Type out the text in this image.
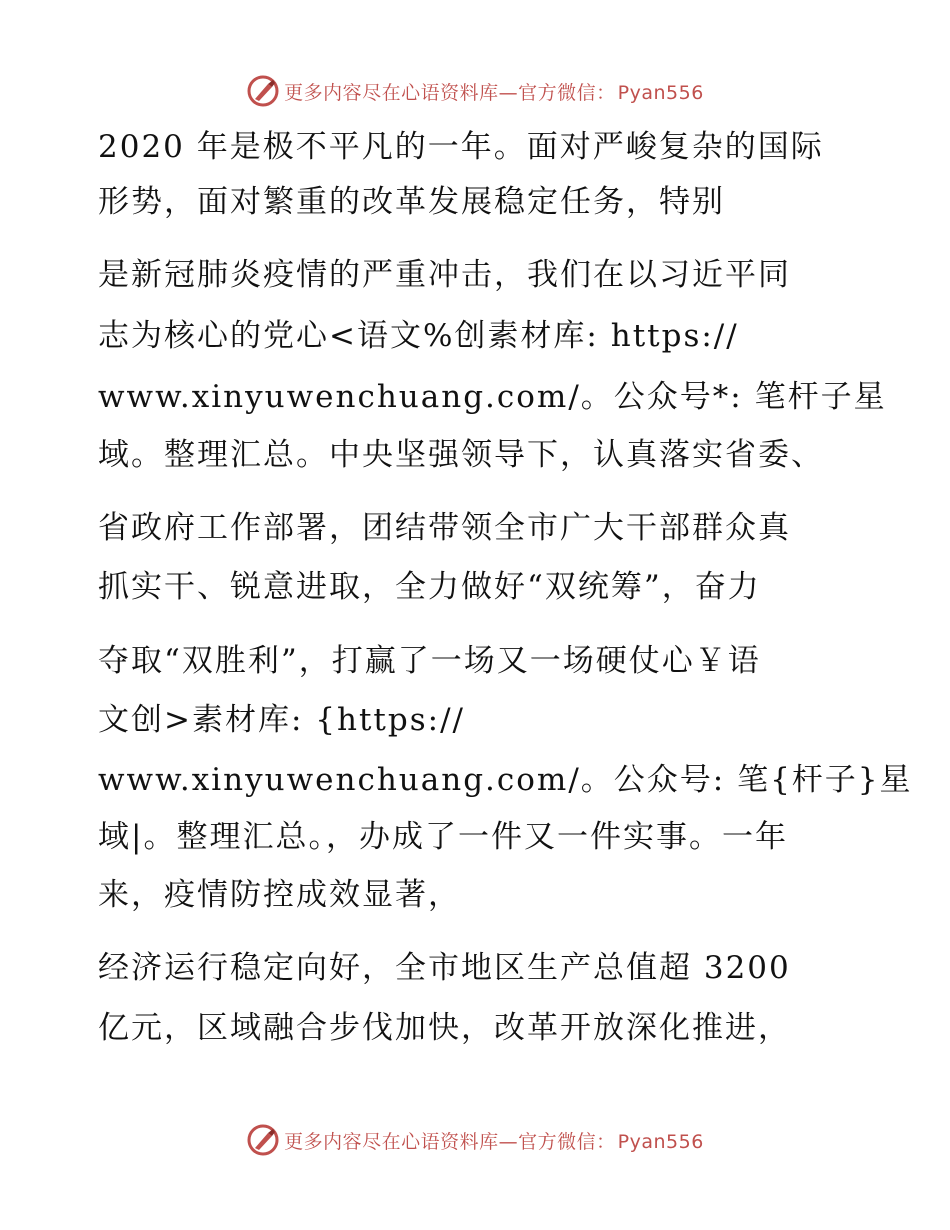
更多内容尽在心语资料库—官方微信： Pyan556
2020 年是极不平凡的一年。面对严峻复杂的国际
形势，面对繁重的改革发展稳定任务，特别
是新冠肺炎疫情的严重冲击，我们在以习近平同
志为核心的党心<语文%创素材库: https://
www.xinyuwenchuang.com/。公众号*: 笔杆子星
域。整理汇总。中央坚强领导下，认真落实省委、
省政府工作部署，团结带领全市广大干部群众真
抓实干、锐意进取，全力做好“双统筹”，奋力
夺取“双胜利”，打赢了一场又一场硬仗心￥语
文创>素材库: {https://
www.xinyuwenchuang.com/。公众号: 笔{杆子}星
域|。整理汇总。，办成了一件又一件实事。一年
来，疫情防控成效显著，
经济运行稳定向好，全市地区生产总值超 3200
亿元，区域融合步伐加快，改革开放深化推进，
更多内容尽在心语资料库—官方微信： Pyan556
